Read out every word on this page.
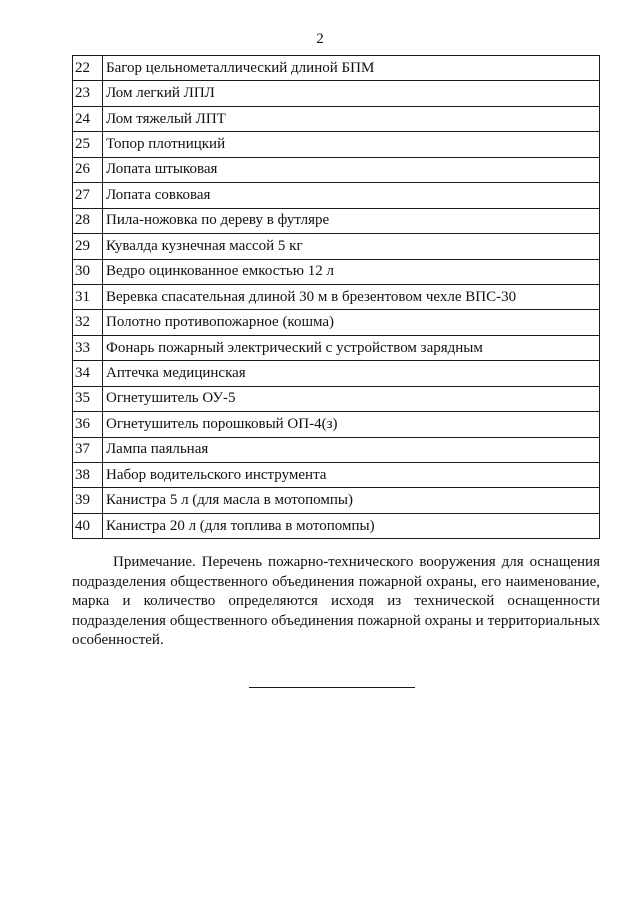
2
22	Багор цельнометаллический длиной БПМ
23	Лом легкий ЛПЛ
24	Лом тяжелый ЛПТ
25	Топор плотницкий
26	Лопата штыковая
27	Лопата совковая
28	Пила-ножовка по дереву в футляре
29	Кувалда кузнечная массой 5 кг
30	Ведро оцинкованное емкостью 12 л
31	Веревка спасательная длиной 30 м в брезентовом чехле ВПС-30
32	Полотно противопожарное (кошма)
33	Фонарь пожарный электрический с устройством зарядным
34	Аптечка медицинская
35	Огнетушитель ОУ-5
36	Огнетушитель порошковый ОП-4(з)
37	Лампа паяльная
38	Набор водительского инструмента
39	Канистра 5 л (для масла в мотопомпы)
40	Канистра 20 л (для топлива в мотопомпы)

Примечание. Перечень пожарно-технического вооружения для оснащения подразделения общественного объединения пожарной охраны, его наименование, марка и количество определяются исходя из технической оснащенности подразделения общественного объединения пожарной охраны и территориальных особенностей.
